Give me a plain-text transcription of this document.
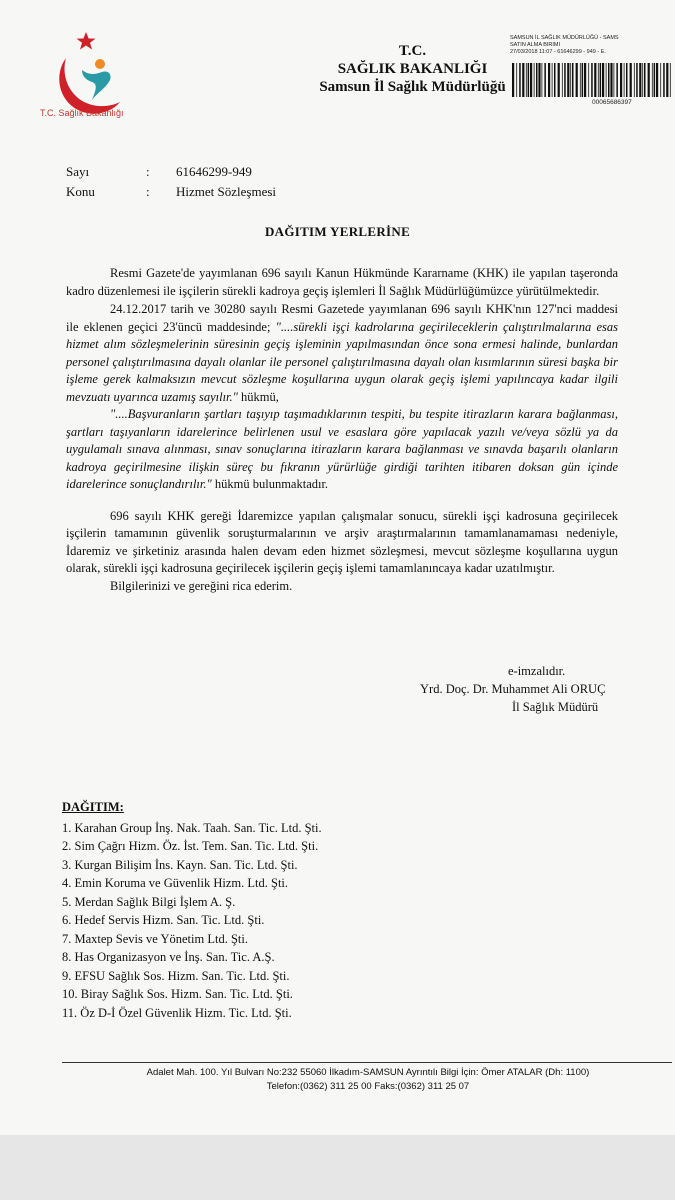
T.C. Sağlık Bakanlığı
T.C.
SAĞLIK BAKANLIĞI
Samsun İl Sağlık Müdürlüğü
SAMSUN İL SAĞLIK MÜDÜRLÜĞÜ - SAMS
SATIN ALMA BIRIMI
27/03/2018 11:07 - 61646299 - 949 - E.
00065686397
Sayı	:	61646299-949
Konu	:	Hizmet Sözleşmesi
DAĞITIM YERLERİNE

Resmi Gazete'de yayımlanan 696 sayılı Kanun Hükmünde Kararname (KHK) ile yapılan taşeronda kadro düzenlemesi ile işçilerin sürekli kadroya geçiş işlemleri İl Sağlık Müdürlüğümüzce yürütülmektedir.

24.12.2017 tarih ve 30280 sayılı Resmi Gazetede yayımlanan 696 sayılı KHK'nın 127'nci maddesi ile eklenen geçici 23'üncü maddesinde; "....sürekli işçi kadrolarına geçirileceklerin çalıştırılmalarına esas hizmet alım sözleşmelerinin süresinin geçiş işleminin yapılmasından önce sona ermesi halinde, bunlardan personel çalıştırılmasına dayalı olanlar ile personel çalıştırılmasına dayalı olan kısımlarının süresi başka bir işleme gerek kalmaksızın mevcut sözleşme koşullarına uygun olarak geçiş işlemi yapılıncaya kadar ilgili mevzuatı uyarınca uzamış sayılır." hükmü,

"....Başvuranların şartları taşıyıp taşımadıklarının tespiti, bu tespite itirazların karara bağlanması, şartları taşıyanların idarelerince belirlenen usul ve esaslara göre yapılacak yazılı ve/veya sözlü ya da uygulamalı sınava alınması, sınav sonuçlarına itirazların karara bağlanması ve sınavda başarılı olanların kadroya geçirilmesine ilişkin süreç bu fıkranın yürürlüğe girdiği tarihten itibaren doksan gün içinde idarelerince sonuçlandırılır." hükmü bulunmaktadır.

696 sayılı KHK gereği İdaremizce yapılan çalışmalar sonucu, sürekli işçi kadrosuna geçirilecek işçilerin tamamının güvenlik soruşturmalarının ve arşiv araştırmalarının tamamlanamaması nedeniyle, İdaremiz ve şirketiniz arasında halen devam eden hizmet sözleşmesi, mevcut sözleşme koşullarına uygun olarak, sürekli işçi kadrosuna geçirilecek işçilerin geçiş işlemi tamamlanıncaya kadar uzatılmıştır.

Bilgilerinizi ve gereğini rica ederim.

e-imzalıdır.
Yrd. Doç. Dr. Muhammet Ali ORUÇ
İl Sağlık Müdürü
DAĞITIM:
1. Karahan Group İnş. Nak. Taah. San. Tic. Ltd. Şti.
2. Sim Çağrı Hizm. Öz. İst. Tem. San. Tic. Ltd. Şti.
3. Kurgan Bilişim İns. Kayn. San. Tic. Ltd. Şti.
4. Emin Koruma ve Güvenlik Hizm. Ltd. Şti.
5. Merdan Sağlık Bilgi İşlem A. Ş.
6. Hedef Servis Hizm. San. Tic. Ltd. Şti.
7. Maxtep Sevis ve Yönetim Ltd. Şti.
8. Has Organizasyon ve İnş. San. Tic. A.Ş.
9. EFSU Sağlık Sos. Hizm. San. Tic. Ltd. Şti.
10. Biray Sağlık Sos. Hizm. San. Tic. Ltd. Şti.
11. Öz D-İ Özel Güvenlik Hizm. Tic. Ltd. Şti.
Adalet Mah. 100. Yıl Bulvarı No:232 55060 İlkadım-SAMSUN Ayrıntılı Bilgi İçin: Ömer ATALAR (Dh: 1100)
Telefon:(0362) 311 25 00 Faks:(0362) 311 25 07
